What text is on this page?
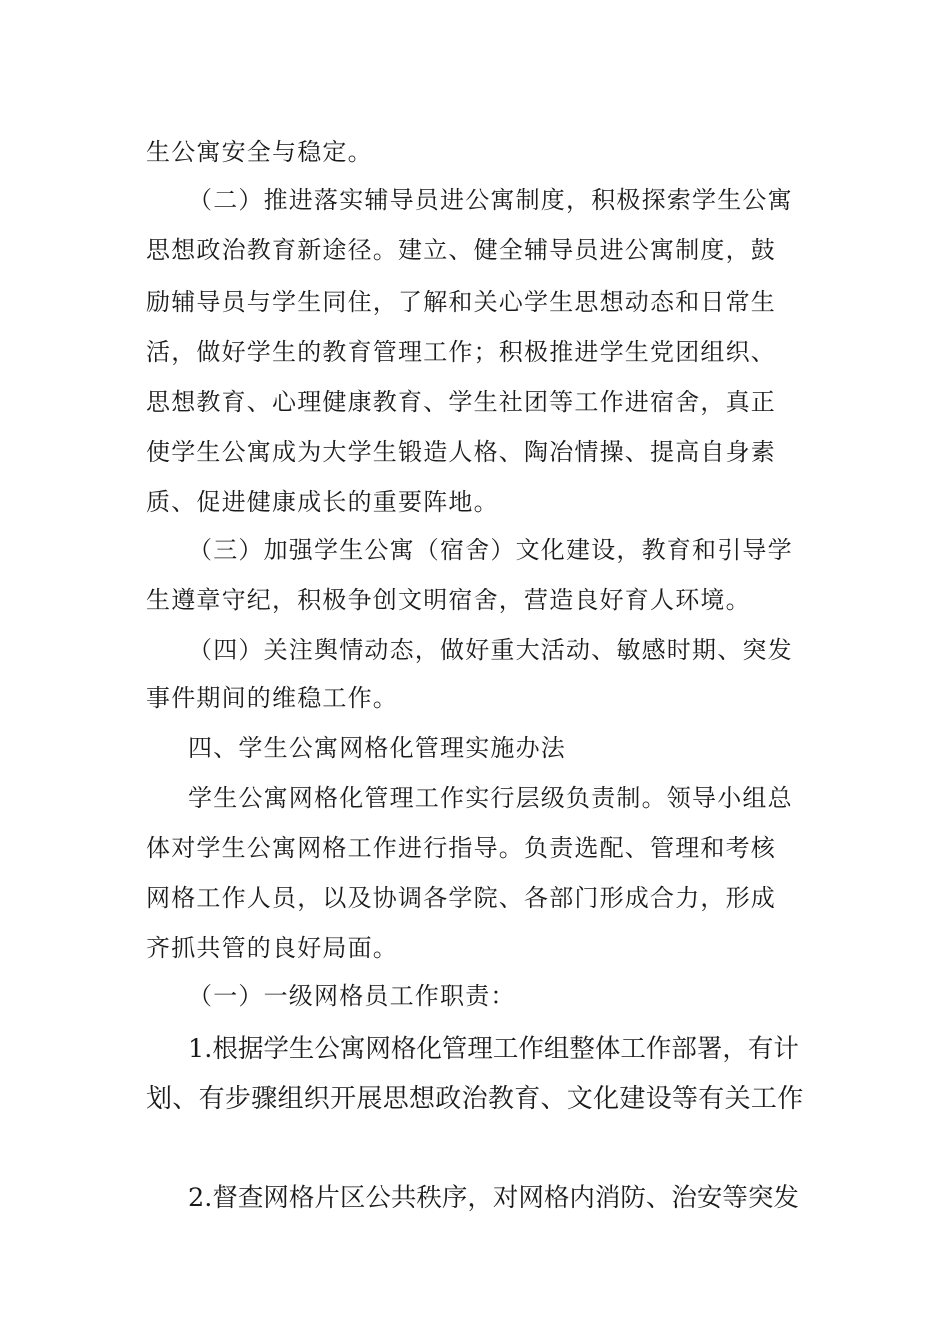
生公寓安全与稳定。
（二）推进落实辅导员进公寓制度，积极探索学生公寓
思想政治教育新途径。建立、健全辅导员进公寓制度，鼓
励辅导员与学生同住，了解和关心学生思想动态和日常生
活，做好学生的教育管理工作；积极推进学生党团组织、
思想教育、心理健康教育、学生社团等工作进宿舍，真正
使学生公寓成为大学生锻造人格、陶冶情操、提高自身素
质、促进健康成长的重要阵地。
（三）加强学生公寓（宿舍）文化建设，教育和引导学
生遵章守纪，积极争创文明宿舍，营造良好育人环境。
（四）关注舆情动态，做好重大活动、敏感时期、突发
事件期间的维稳工作。
四、学生公寓网格化管理实施办法
学生公寓网格化管理工作实行层级负责制。领导小组总
体对学生公寓网格工作进行指导。负责选配、管理和考核
网格工作人员，以及协调各学院、各部门形成合力，形成
齐抓共管的良好局面。
（一）一级网格员工作职责：
1.根据学生公寓网格化管理工作组整体工作部署，有计
划、有步骤组织开展思想政治教育、文化建设等有关工作
2.督查网格片区公共秩序，对网格内消防、治安等突发
